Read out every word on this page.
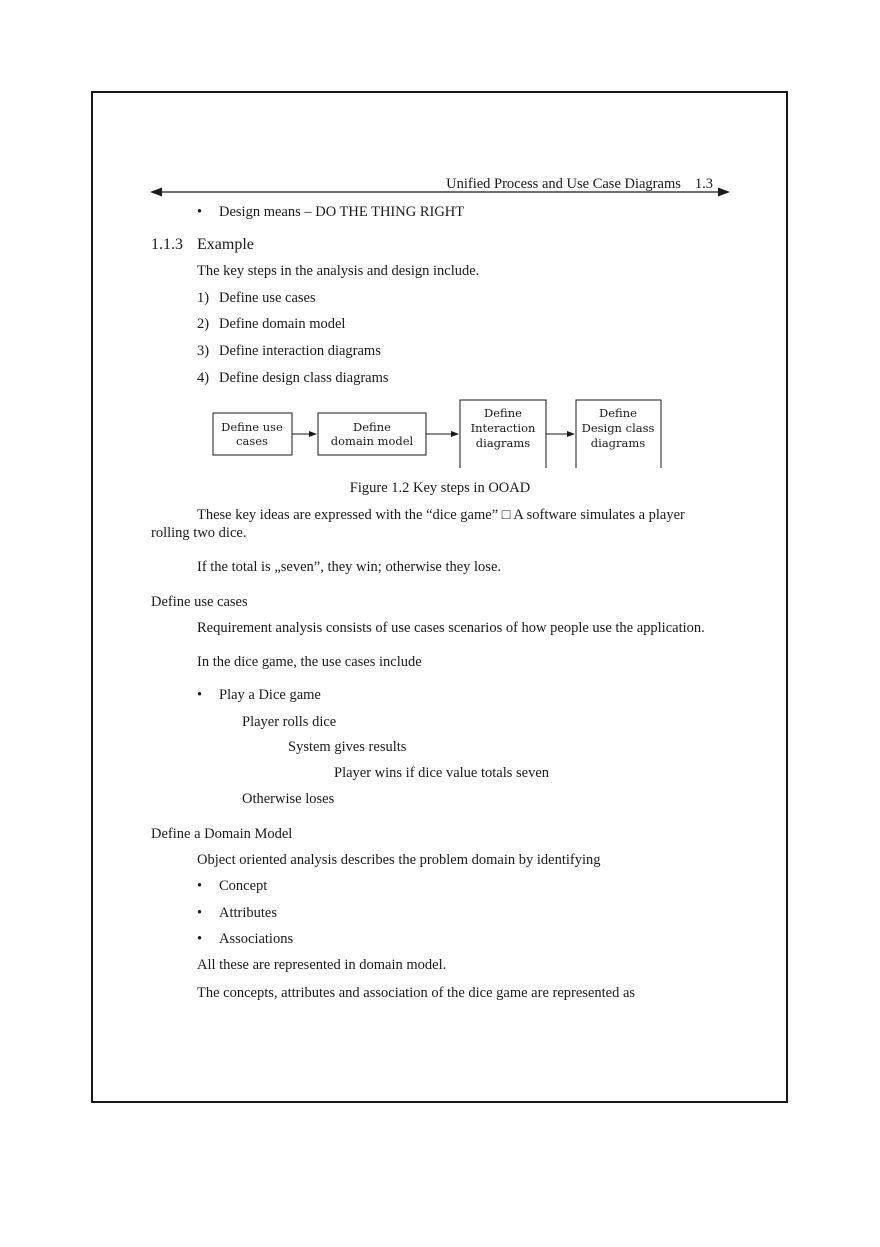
Unified Process and Use Case Diagrams 1.3
• Design means – DO THE THING RIGHT
1.1.3 Example
The key steps in the analysis and design include.
1) Define use cases
2) Define domain model
3) Define interaction diagrams
4) Define design class diagrams
Define use
cases
Define
domain model
Define
Interaction
diagrams
Define
Design class
diagrams
Figure 1.2 Key steps in OOAD
These key ideas are expressed with the “dice game” □ A software simulates a player
rolling two dice.
If the total is „seven”, they win; otherwise they lose.
Define use cases
Requirement analysis consists of use cases scenarios of how people use the application.
In the dice game, the use cases include
• Play a Dice game
Player rolls dice
System gives results
Player wins if dice value totals seven
Otherwise loses
Define a Domain Model
Object oriented analysis describes the problem domain by identifying
• Concept
• Attributes
• Associations
All these are represented in domain model.
The concepts, attributes and association of the dice game are represented as
